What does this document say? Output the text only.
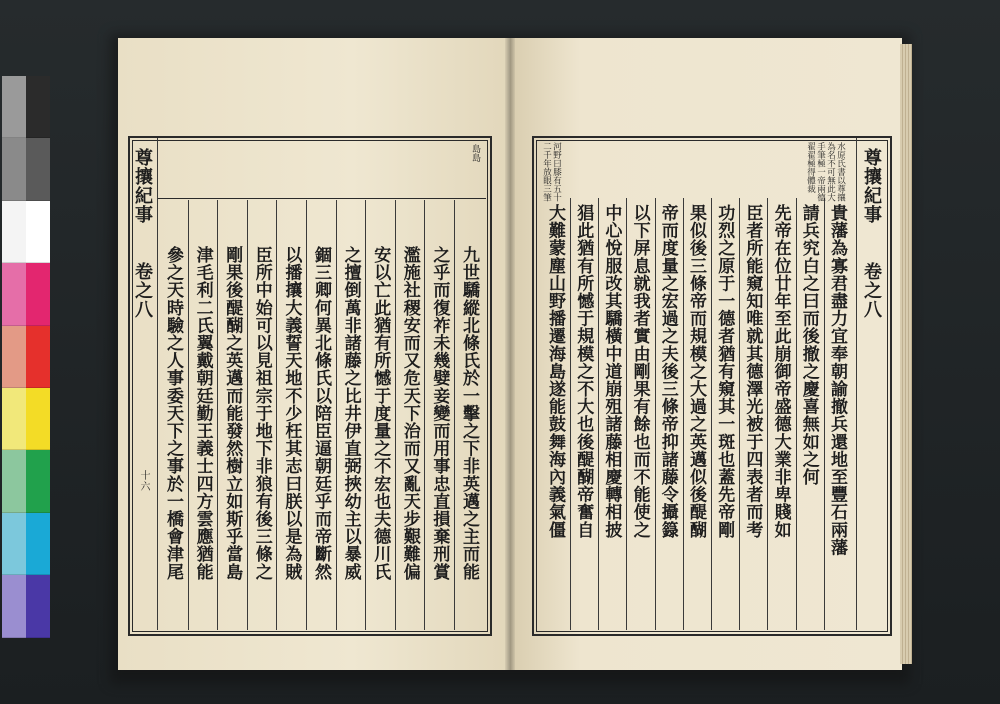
島島
尊攘紀事
卷之八
十六
尊攘紀事
卷之八
參之天時驗之人事委天下之事於一橋會津尾 津毛利二氏翼戴朝廷勤王義士四方雲應猶能 剛果後醍醐之英邁而能發然樹立如斯乎當島 臣所中始可以見祖宗于地下非狼有後三條之 以播攘大義誓天地不少枉其志曰朕以是為賊 錮三卿何異北條氏以陪臣逼朝廷乎而帝斷然 之擅倒萬非諸藤之比井伊直弼挾幼主以暴威 安以亡此猶有所憾于度量之不宏也夫德川氏 濫施社稷安而又危天下治而又亂天步艱難偏 之乎而復祚未幾嬖妾變而用事忠直損棄刑賞 九世驕縱北條氏於一擊之下非英邁之主而能	貴藩為寡君盡力宜奉朝諭撤兵還地至豐石兩藩
請兵究白之曰而後撤之慶喜無如之何
先帝在位廿年至此崩御帝盛德大業非卑賤如
臣者所能窺知唯就其德澤光被于四表者而考
功烈之原于一德者猶有窺其一斑也蓋先帝剛
果似後三條帝而規模之大過之英邁似後醍醐
帝而度量之宏過之夫後三條帝抑諸藤令攝籙
以下屏息就我者實由剛果有餘也而不能使之
中心悅服改其驕橫中道崩殂諸藤相慶轉相披
猖此猶有所憾于規模之不大也後醍醐帝奮自
大難蒙塵山野播遷海島遂能鼓舞海內義氣僵
水原氏書以尊攘
為名不可無此大
手筆極一帝兩德
翟翟極得體裁
河野曰膝有五十
二千年放眼三筆
